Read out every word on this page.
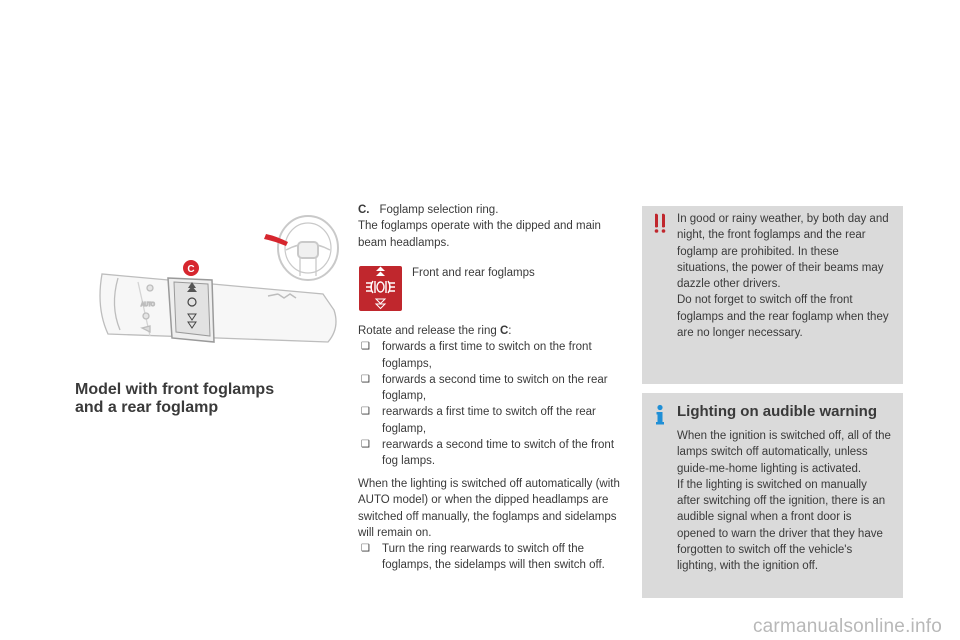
AUTO
C
Model with front foglamps
and a rear foglamp
C. Foglamp selection ring.
The foglamps operate with the dipped and main beam headlamps.
Front and rear foglamps
Rotate and release the ring C:
❑ forwards a first time to switch on the front foglamps,
❑ forwards a second time to switch on the rear foglamp,
❑ rearwards a first time to switch off the rear foglamp,
❑ rearwards a second time to switch of the front fog lamps.
When the lighting is switched off automatically (with AUTO model) or when the dipped headlamps are switched off manually, the foglamps and sidelamps will remain on.
❑ Turn the ring rearwards to switch off the foglamps, the sidelamps will then switch off.
In good or rainy weather, by both day and night, the front foglamps and the rear foglamp are prohibited. In these situations, the power of their beams may dazzle other drivers.
Do not forget to switch off the front foglamps and the rear foglamp when they are no longer necessary.
Lighting on audible warning
When the ignition is switched off, all of the lamps switch off automatically, unless guide-me-home lighting is activated.
If the lighting is switched on manually after switching off the ignition, there is an audible signal when a front door is opened to warn the driver that they have forgotten to switch off the vehicle's lighting, with the ignition off.
carmanualsonline.info
